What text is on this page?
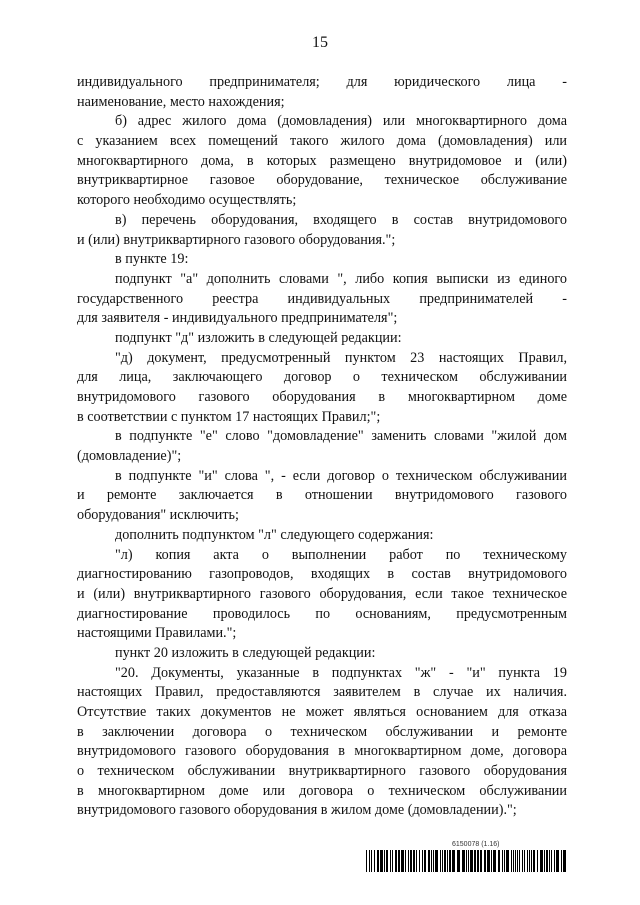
15
индивидуального предпринимателя; для юридического лица -
наименование, место нахождения;
б) адрес жилого дома (домовладения) или многоквартирного дома
с указанием всех помещений такого жилого дома (домовладения) или
многоквартирного дома, в которых размещено внутридомовое и (или)
внутриквартирное газовое оборудование, техническое обслуживание
которого необходимо осуществлять;
в) перечень оборудования, входящего в состав внутридомового
и (или) внутриквартирного газового оборудования.";
в пункте 19:
подпункт "а" дополнить словами ", либо копия выписки из единого
государственного реестра индивидуальных предпринимателей -
для заявителя - индивидуального предпринимателя";
подпункт "д" изложить в следующей редакции:
"д) документ, предусмотренный пунктом 23 настоящих Правил,
для лица, заключающего договор о техническом обслуживании
внутридомового газового оборудования в многоквартирном доме
в соответствии с пунктом 17 настоящих Правил;";
в подпункте "е" слово "домовладение" заменить словами "жилой дом
(домовладение)";
в подпункте "и" слова ", - если договор о техническом обслуживании
и ремонте заключается в отношении внутридомового газового
оборудования" исключить;
дополнить подпунктом "л" следующего содержания:
"л) копия акта о выполнении работ по техническому
диагностированию газопроводов, входящих в состав внутридомового
и (или) внутриквартирного газового оборудования, если такое техническое
диагностирование проводилось по основаниям, предусмотренным
настоящими Правилами.";
пункт 20 изложить в следующей редакции:
"20. Документы, указанные в подпунктах "ж" - "и" пункта 19
настоящих Правил, предоставляются заявителем в случае их наличия.
Отсутствие таких документов не может являться основанием для отказа
в заключении договора о техническом обслуживании и ремонте
внутридомового газового оборудования в многоквартирном доме, договора
о техническом обслуживании внутриквартирного газового оборудования
в многоквартирном доме или договора о техническом обслуживании
внутридомового газового оборудования в жилом доме (домовладении).";
6150078 (1.16)
